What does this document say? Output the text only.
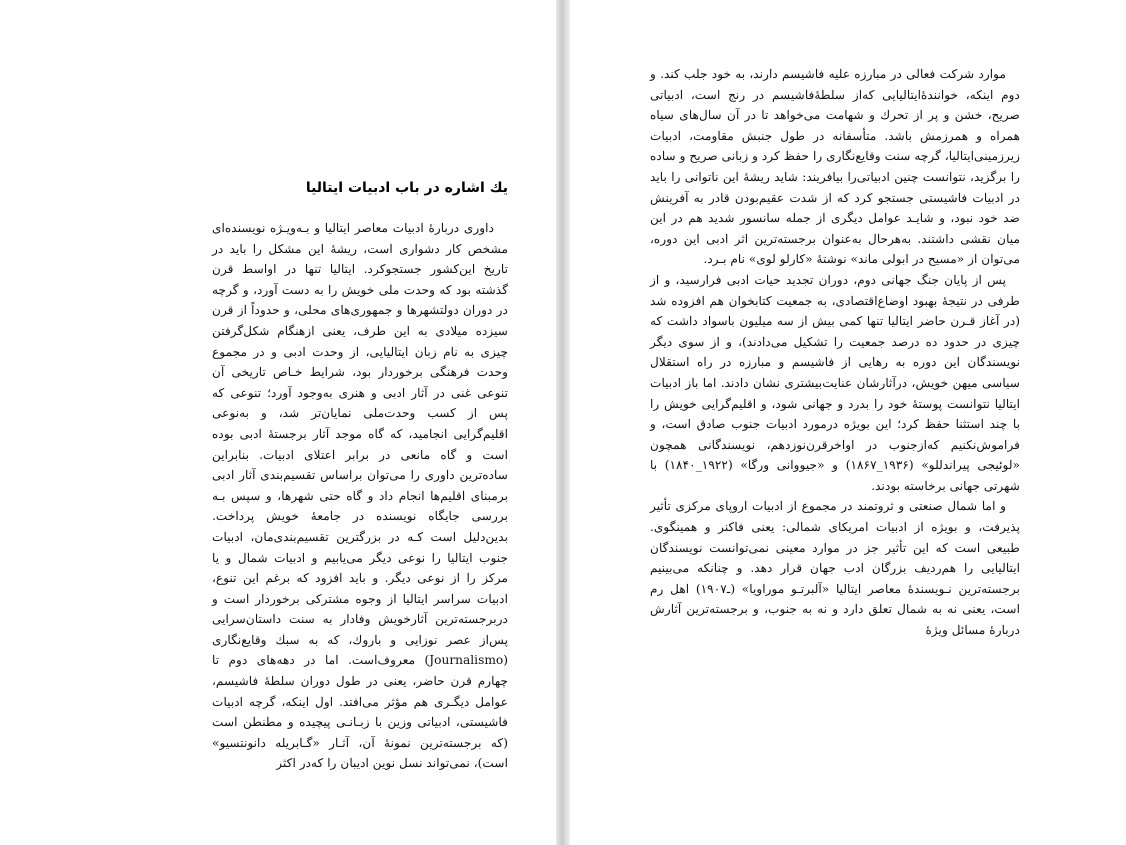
یك اشاره در باب ادبیات ایتالیا

داوری دربارۀ ادبیات معاصر ایتالیا و بـه‌ویـژه نویسنده‌ای مشخص کار دشواری است، ریشۀ این مشکل را باید در تاریخ این‌کشور جستجوکرد. ایتالیا تنها در اواسط قرن گذشته بود که وحدت ملی خویش را به دست آورد، و گرچه در دوران دولتشهرها و جمهوری‌های محلی، و حدوداً از قرن سیزده میلادی به این طرف، یعنی ازهنگام شکل‌گرفتن چیزی به نام زبان ایتالیایی، از وحدت ادبی و در مجموع وحدت فرهنگی برخوردار بود، شرایط خـاص تاریخی آن تنوعی غنی در آثار ادبی و هنری به‌وجود آورد؛ تنوعی که پس از کسب وحدت‌ملی نمایان‌تر شد، و به‌نوعی اقلیم‌گرایی انجامید، که گاه موجد آثار برجستۀ ادبی بوده است و گاه مانعی در برابر اعتلای ادبیات. بنابراین ساده‌ترین داوری را می‌توان براساس تقسیم‌بندی آثار ادبی برمبنای اقلیم‌ها انجام داد و گاه حتی شهرها، و سپس بـه بررسی جایگاه نویسنده در جامعۀ خویش پرداخت. بدین‌دلیل است کـه در بزرگترین تقسیم‌بندی‌مان، ادبیات جنوب ایتالیا را نوعی دیگر می‌یابیم و ادبیات شمال و یا مرکز را از نوعی دیگر. و باید افزود که برغم این تنوع، ادبیات سراسر ایتالیا از وجوه مشترکی برخوردار است و دربرجسته‌ترین آثارخویش وفادار به سنت داستان‌سرایی پس‌از عصر نوزایی و باروك، که به سبك وقایع‌نگاری (Journalismo) معروف‌است. اما در دهه‌های دوم تا چهارم قرن حاضر، یعنی در طول دوران سلطۀ فاشیسم، عوامل دیگـری هم مؤثر می‌افتد. اول اینکه، گرچه ادبیات فاشیستی، ادبیاتی وزین با زبـانـی پیچیده و مطنطن است (که برجسته‌ترین نمونۀ آن، آثـار «گـابریله دانونتسیو» است)، نمی‌تواند نسل نوین ادیبان را که‌در اکثر

موارد شرکت فعالی در مبارزه علیه فاشیسم دارند، به خود جلب کند. و دوم اینکه، خوانندۀ‌ایتالیایی که‌از سلطۀفاشیسم در رنج است، ادبیاتی صریح، خشن و پر از تحرك و شهامت می‌خواهد تا در آن سال‌های سیاه همراه و همرزمش باشد. متأسفانه در طول جنبش مقاومت، ادبیات زیرزمینی‌ایتالیا، گرچه سنت وقایع‌نگاری را حفظ کرد و زبانی صریح و ساده را برگزید، نتوانست چنین ادبیاتی‌را بیافریند: شاید ریشۀ این ناتوانی را باید در ادبیات فاشیستی جستجو کرد که از شدت عقیم‌بودن قادر به آفرینش ضد خود نبود، و شایـد عوامل دیگری از جمله سانسور شدید هم در این میان نقشی داشتند. به‌هرحال به‌عنوان برجسته‌ترین اثر ادبی این دوره، می‌توان از «مسیح در ابولی ماند» نوشتۀ «کارلو لوی» نام بـرد.

پس از پایان جنگ جهانی دوم، دوران تجدید حیات ادبی فرارسید، و از طرفی در نتیجۀ بهبود اوضاع‌اقتصادی، به جمعیت کتابخوان هم افزوده شد (در آغاز قـرن حاضر ایتالیا تنها کمی بیش از سه میلیون باسواد داشت که چیزی در حدود ده درصد جمعیت را تشکیل می‌دادند)، و از سوی دیگر نویسندگان این دوره به رهایی از فاشیسم و مبارزه در راه استقلال سیاسی میهن خویش، درآثارشان عنایت‌بیشتری نشان دادند. اما باز ادبیات ایتالیا نتوانست پوستۀ خود را بدرد و جهانی شود، و اقلیم‌گرایی خویش را با چند استثنا حفظ کرد؛ این بویژه درمورد ادبیات جنوب صادق است، و فراموش‌نکنیم که‌ازجنوب در اواخرقرن‌نوزدهم، نویسندگانی همچون «لوئیجی پیراندللو» (۱۹۳۶_۱۸۶۷) و «جیووانی ورگا» (۱۹۲۲_۱۸۴۰) با شهرتی جهانی برخاسته بودند.

و اما شمال صنعتی و ثروتمند در مجموع از ادبیات اروپای مرکزی تأثیر پذیرفت، و بویژه از ادبیات امریکای شمالی: یعنی فاکنر و همینگوی. طبیعی است که این تأثیر جز در موارد معینی نمی‌توانست نویسندگان ایتالیایی را هم‌ردیف بزرگان ادب جهان قرار دهد. و چنانکه می‌بینیم برجسته‌ترین نـویسندۀ معاصر ایتالیا «آلبرتـو موراویا» (ـ۱۹۰۷) اهل رم است، یعنی نه به شمال تعلق دارد و نه به جنوب، و برجسته‌ترین آثارش دربارۀ مسائل ویژۀ
